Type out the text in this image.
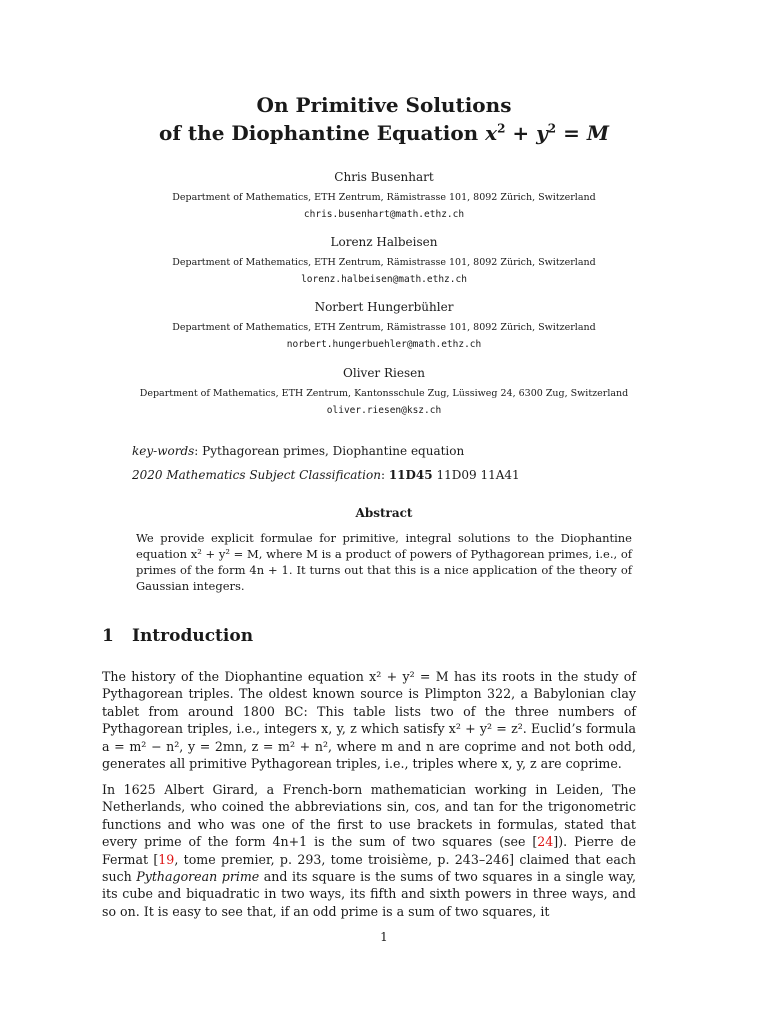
On Primitive Solutions
of the Diophantine Equation $x^2 + y^2 = M$
Chris Busenhart
Department of Mathematics, ETH Zentrum, Rämistrasse 101, 8092 Zürich, Switzerland
chris.busenhart@math.ethz.ch
Lorenz Halbeisen
Department of Mathematics, ETH Zentrum, Rämistrasse 101, 8092 Zürich, Switzerland
lorenz.halbeisen@math.ethz.ch
Norbert Hungerbühler
Department of Mathematics, ETH Zentrum, Rämistrasse 101, 8092 Zürich, Switzerland
norbert.hungerbuehler@math.ethz.ch
Oliver Riesen
Department of Mathematics, ETH Zentrum, Kantonsschule Zug, Lüssiweg 24, 6300 Zug, Switzerland
oliver.riesen@ksz.ch
key-words: Pythagorean primes, Diophantine equation
2020 Mathematics Subject Classification: 11D45 11D09 11A41
Abstract
We provide explicit formulae for primitive, integral solutions to the Diophantine equation x² + y² = M, where M is a product of powers of Pythagorean primes, i.e., of primes of the form 4n + 1. It turns out that this is a nice application of the theory of Gaussian integers.
1 Introduction
The history of the Diophantine equation x² + y² = M has its roots in the study of Pythagorean triples. The oldest known source is Plimpton 322, a Babylonian clay tablet from around 1800 BC: This table lists two of the three numbers of Pythagorean triples, i.e., integers x, y, z which satisfy x² + y² = z². Euclid’s formula a = m² − n², y = 2mn, z = m² + n², where m and n are coprime and not both odd, generates all primitive Pythagorean triples, i.e., triples where x, y, z are coprime.
In 1625 Albert Girard, a French-born mathematician working in Leiden, The Netherlands, who coined the abbreviations sin, cos, and tan for the trigonometric functions and who was one of the first to use brackets in formulas, stated that every prime of the form 4n+1 is the sum of two squares (see [24]). Pierre de Fermat [19, tome premier, p. 293, tome troisième, p. 243–246] claimed that each such Pythagorean prime and its square is the sums of two squares in a single way, its cube and biquadratic in two ways, its fifth and sixth powers in three ways, and so on. It is easy to see that, if an odd prime is a sum of two squares, it
1
